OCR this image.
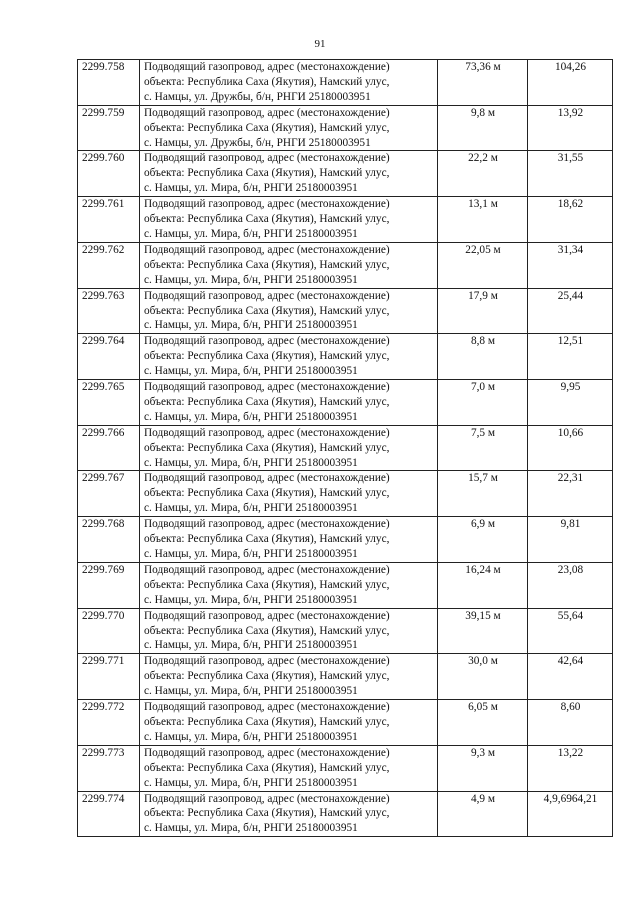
91
2299.758	Подводящий газопровод, адрес (местонахождение)
объекта: Республика Саха (Якутия), Намский улус,
с. Намцы, ул. Дружбы, б/н, РНГИ 25180003951	73,36 м	104,26
2299.759	Подводящий газопровод, адрес (местонахождение)
объекта: Республика Саха (Якутия), Намский улус,
с. Намцы, ул. Дружбы, б/н, РНГИ 25180003951	9,8 м	13,92
2299.760	Подводящий газопровод, адрес (местонахождение)
объекта: Республика Саха (Якутия), Намский улус,
с. Намцы, ул. Мира, б/н, РНГИ 25180003951	22,2 м	31,55
2299.761	Подводящий газопровод, адрес (местонахождение)
объекта: Республика Саха (Якутия), Намский улус,
с. Намцы, ул. Мира, б/н, РНГИ 25180003951	13,1 м	18,62
2299.762	Подводящий газопровод, адрес (местонахождение)
объекта: Республика Саха (Якутия), Намский улус,
с. Намцы, ул. Мира, б/н, РНГИ 25180003951	22,05 м	31,34
2299.763	Подводящий газопровод, адрес (местонахождение)
объекта: Республика Саха (Якутия), Намский улус,
с. Намцы, ул. Мира, б/н, РНГИ 25180003951	17,9 м	25,44
2299.764	Подводящий газопровод, адрес (местонахождение)
объекта: Республика Саха (Якутия), Намский улус,
с. Намцы, ул. Мира, б/н, РНГИ 25180003951	8,8 м	12,51
2299.765	Подводящий газопровод, адрес (местонахождение)
объекта: Республика Саха (Якутия), Намский улус,
с. Намцы, ул. Мира, б/н, РНГИ 25180003951	7,0 м	9,95
2299.766	Подводящий газопровод, адрес (местонахождение)
объекта: Республика Саха (Якутия), Намский улус,
с. Намцы, ул. Мира, б/н, РНГИ 25180003951	7,5 м	10,66
2299.767	Подводящий газопровод, адрес (местонахождение)
объекта: Республика Саха (Якутия), Намский улус,
с. Намцы, ул. Мира, б/н, РНГИ 25180003951	15,7 м	22,31
2299.768	Подводящий газопровод, адрес (местонахождение)
объекта: Республика Саха (Якутия), Намский улус,
с. Намцы, ул. Мира, б/н, РНГИ 25180003951	6,9 м	9,81
2299.769	Подводящий газопровод, адрес (местонахождение)
объекта: Республика Саха (Якутия), Намский улус,
с. Намцы, ул. Мира, б/н, РНГИ 25180003951	16,24 м	23,08
2299.770	Подводящий газопровод, адрес (местонахождение)
объекта: Республика Саха (Якутия), Намский улус,
с. Намцы, ул. Мира, б/н, РНГИ 25180003951	39,15 м	55,64
2299.771	Подводящий газопровод, адрес (местонахождение)
объекта: Республика Саха (Якутия), Намский улус,
с. Намцы, ул. Мира, б/н, РНГИ 25180003951	30,0 м	42,64
2299.772	Подводящий газопровод, адрес (местонахождение)
объекта: Республика Саха (Якутия), Намский улус,
с. Намцы, ул. Мира, б/н, РНГИ 25180003951	6,05 м	8,60
2299.773	Подводящий газопровод, адрес (местонахождение)
объекта: Республика Саха (Якутия), Намский улус,
с. Намцы, ул. Мира, б/н, РНГИ 25180003951	9,3 м	13,22
2299.774	Подводящий газопровод, адрес (местонахождение)
объекта: Республика Саха (Якутия), Намский улус,
с. Намцы, ул. Мира, б/н, РНГИ 25180003951	4,9 м	4,9,6964,21
